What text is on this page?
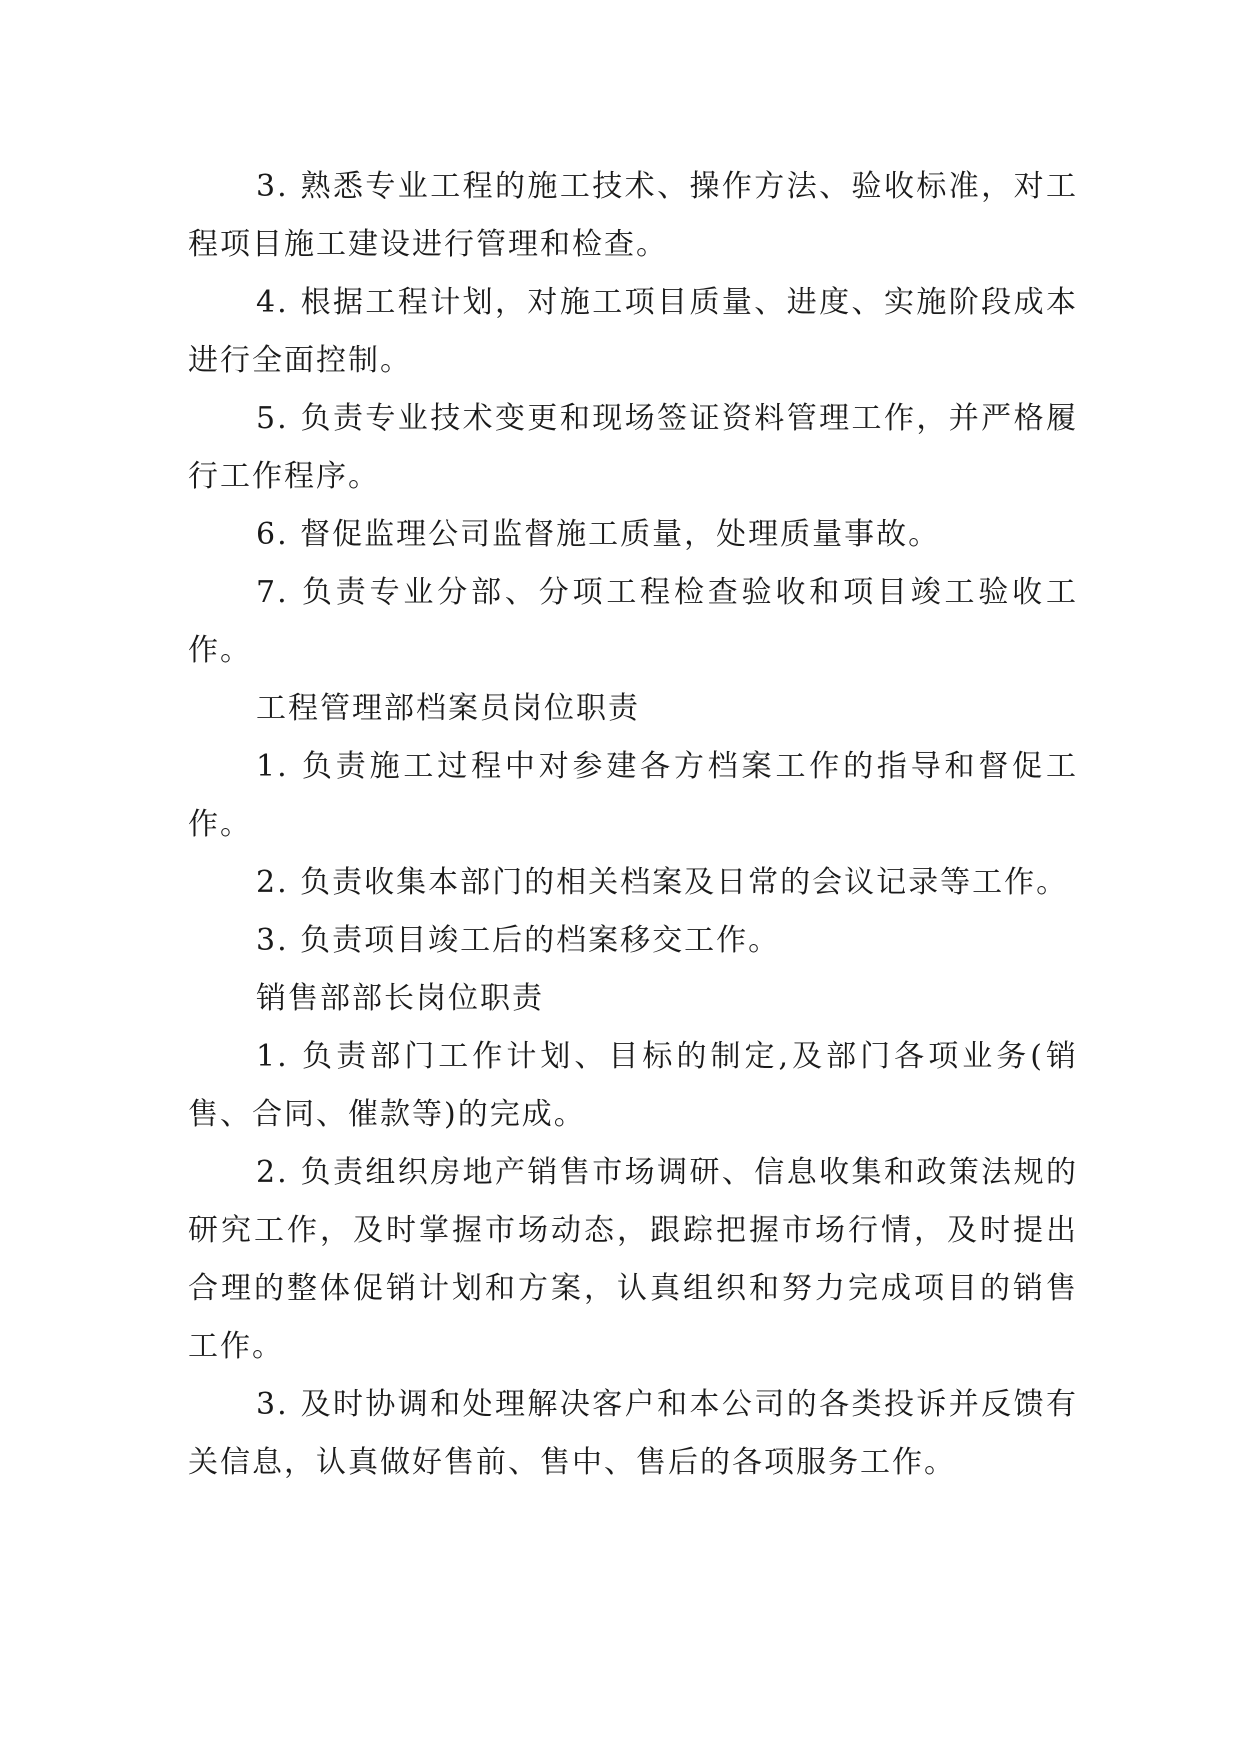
3. 熟悉专业工程的施工技术、操作方法、验收标准，对工程项目施工建设进行管理和检查。

4. 根据工程计划，对施工项目质量、进度、实施阶段成本进行全面控制。

5. 负责专业技术变更和现场签证资料管理工作，并严格履行工作程序。

6. 督促监理公司监督施工质量，处理质量事故。

7. 负责专业分部、分项工程检查验收和项目竣工验收工作。

工程管理部档案员岗位职责

1. 负责施工过程中对参建各方档案工作的指导和督促工作。

2. 负责收集本部门的相关档案及日常的会议记录等工作。

3. 负责项目竣工后的档案移交工作。

销售部部长岗位职责

1. 负责部门工作计划、目标的制定,及部门各项业务(销售、合同、催款等)的完成。

2. 负责组织房地产销售市场调研、信息收集和政策法规的研究工作，及时掌握市场动态，跟踪把握市场行情，及时提出合理的整体促销计划和方案，认真组织和努力完成项目的销售工作。

3. 及时协调和处理解决客户和本公司的各类投诉并反馈有关信息，认真做好售前、售中、售后的各项服务工作。
